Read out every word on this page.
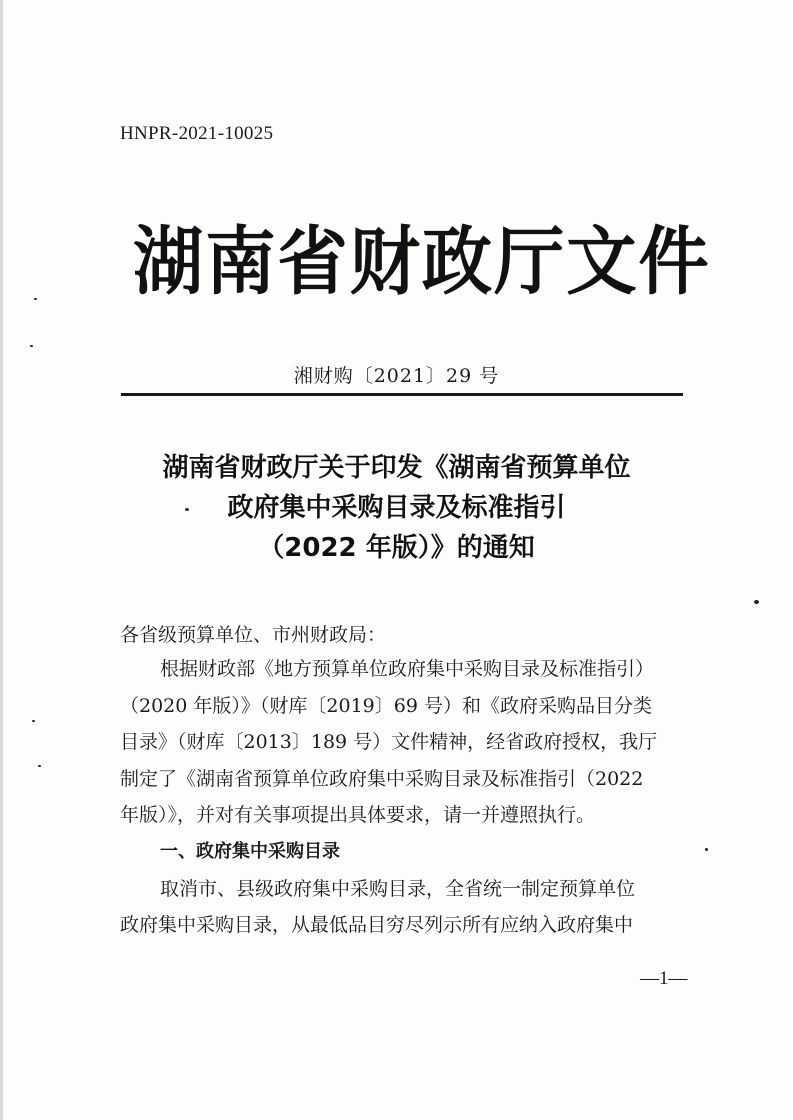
HNPR-2021-10025
湖南省财政厅文件
湘财购〔2021〕29 号
湖南省财政厅关于印发《湖南省预算单位
政府集中采购目录及标准指引
（2022 年版）》的通知
各省级预算单位、市州财政局：
根据财政部《地方预算单位政府集中采购目录及标准指引）
（2020 年版）》（财库〔2019〕69 号）和《政府采购品目分类
目录》（财库〔2013〕189 号）文件精神，经省政府授权，我厅
制定了《湖南省预算单位政府集中采购目录及标准指引（2022
年版）》，并对有关事项提出具体要求，请一并遵照执行。
一、政府集中采购目录
取消市、县级政府集中采购目录，全省统一制定预算单位
政府集中采购目录，从最低品目穷尽列示所有应纳入政府集中
—1—
